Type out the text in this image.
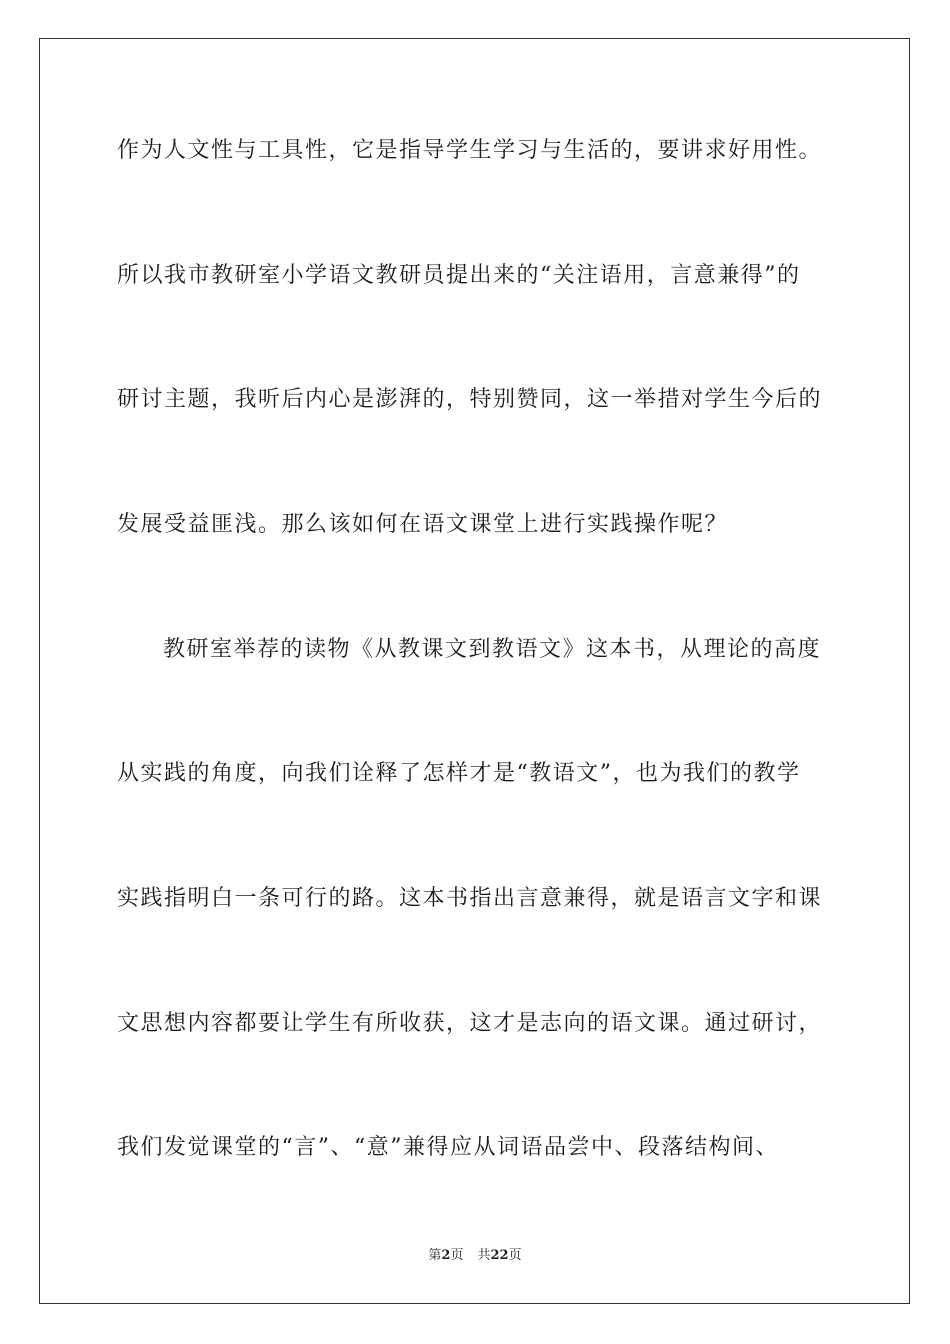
作为人文性与工具性，它是指导学生学习与生活的，要讲求好用性。
所以我市教研室小学语文教研员提出来的“关注语用，言意兼得”的
研讨主题，我听后内心是澎湃的，特别赞同，这一举措对学生今后的
发展受益匪浅。那么该如何在语文课堂上进行实践操作呢？
教研室举荐的读物《从教课文到教语文》这本书，从理论的高度
从实践的角度，向我们诠释了怎样才是“教语文”，也为我们的教学
实践指明白一条可行的路。这本书指出言意兼得，就是语言文字和课
文思想内容都要让学生有所收获，这才是志向的语文课。通过研讨，
我们发觉课堂的“言”、“意”兼得应从词语品尝中、段落结构间、
第2页 共22页
